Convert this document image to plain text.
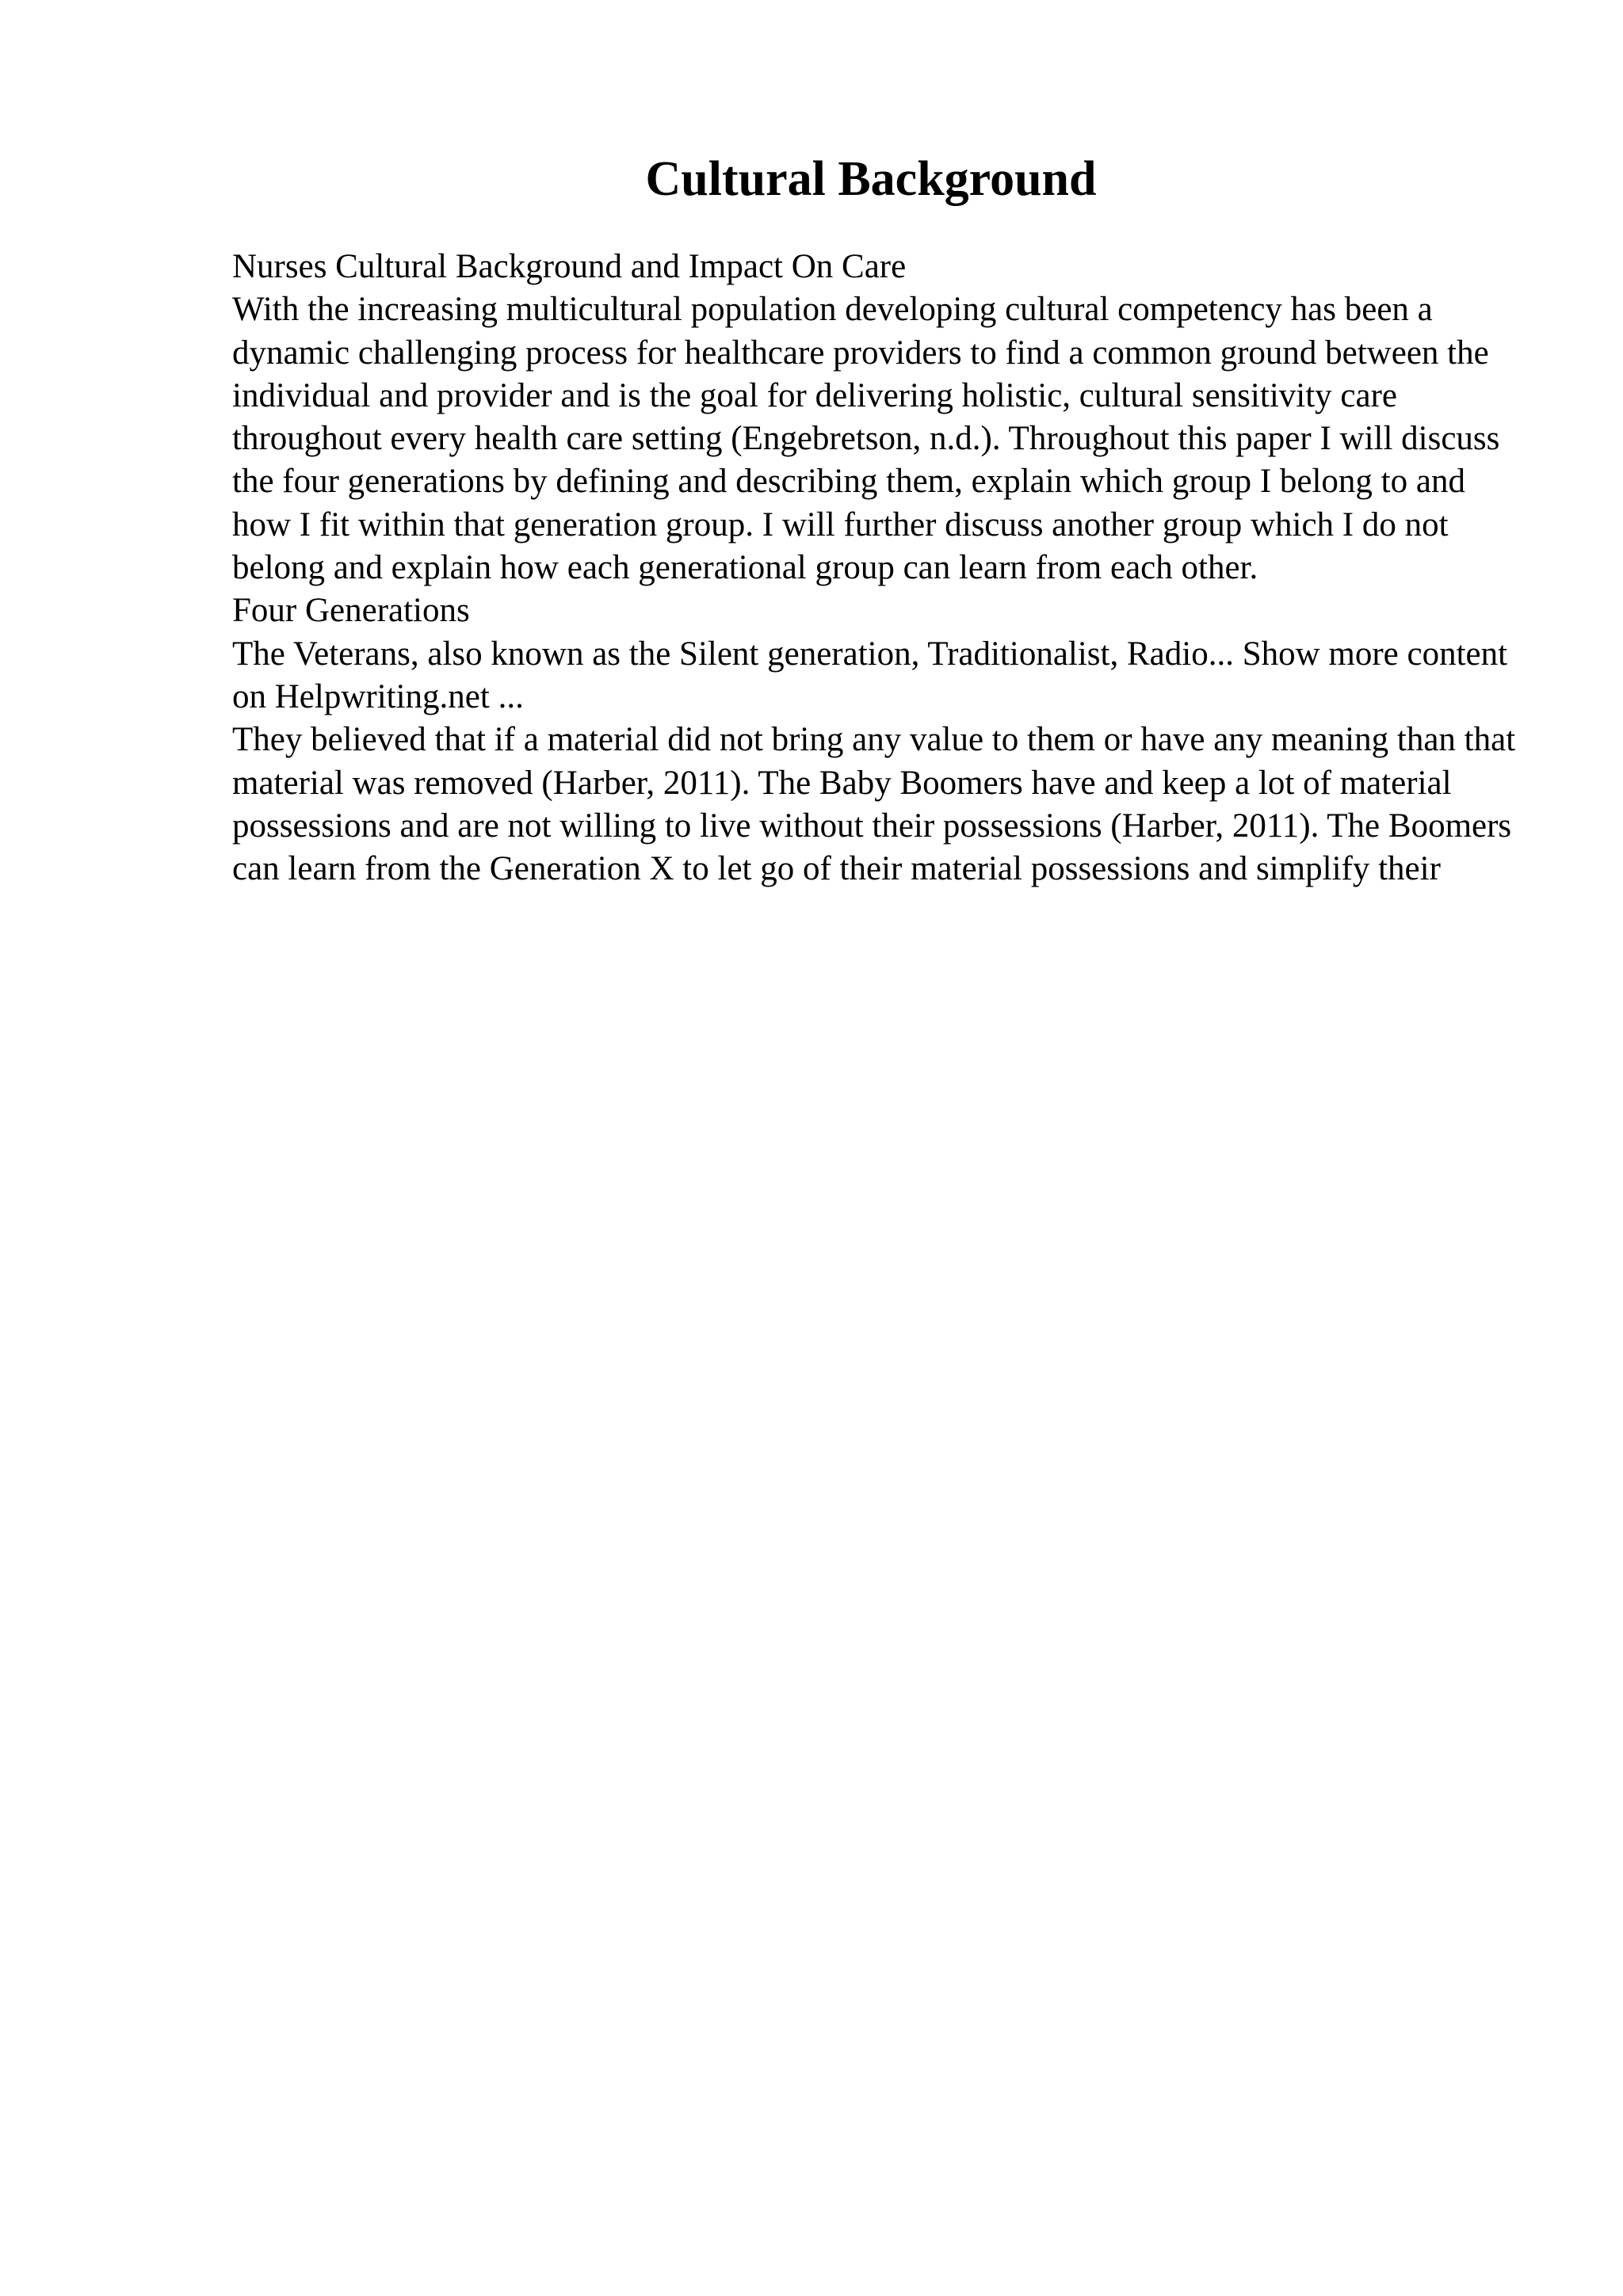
Cultural Background

Nurses Cultural Background and Impact On Care

With the increasing multicultural population developing cultural competency has been a dynamic challenging process for healthcare providers to find a common ground between the individual and provider and is the goal for delivering holistic, cultural sensitivity care throughout every health care setting (Engebretson, n.d.). Throughout this paper I will discuss the four generations by defining and describing them, explain which group I belong to and how I fit within that generation group. I will further discuss another group which I do not belong and explain how each generational group can learn from each other.

Four Generations

The Veterans, also known as the Silent generation, Traditionalist, Radio... Show more content on Helpwriting.net ...

They believed that if a material did not bring any value to them or have any meaning than that material was removed (Harber, 2011). The Baby Boomers have and keep a lot of material possessions and are not willing to live without their possessions (Harber, 2011). The Boomers can learn from the Generation X to let go of their material possessions and simplify their
